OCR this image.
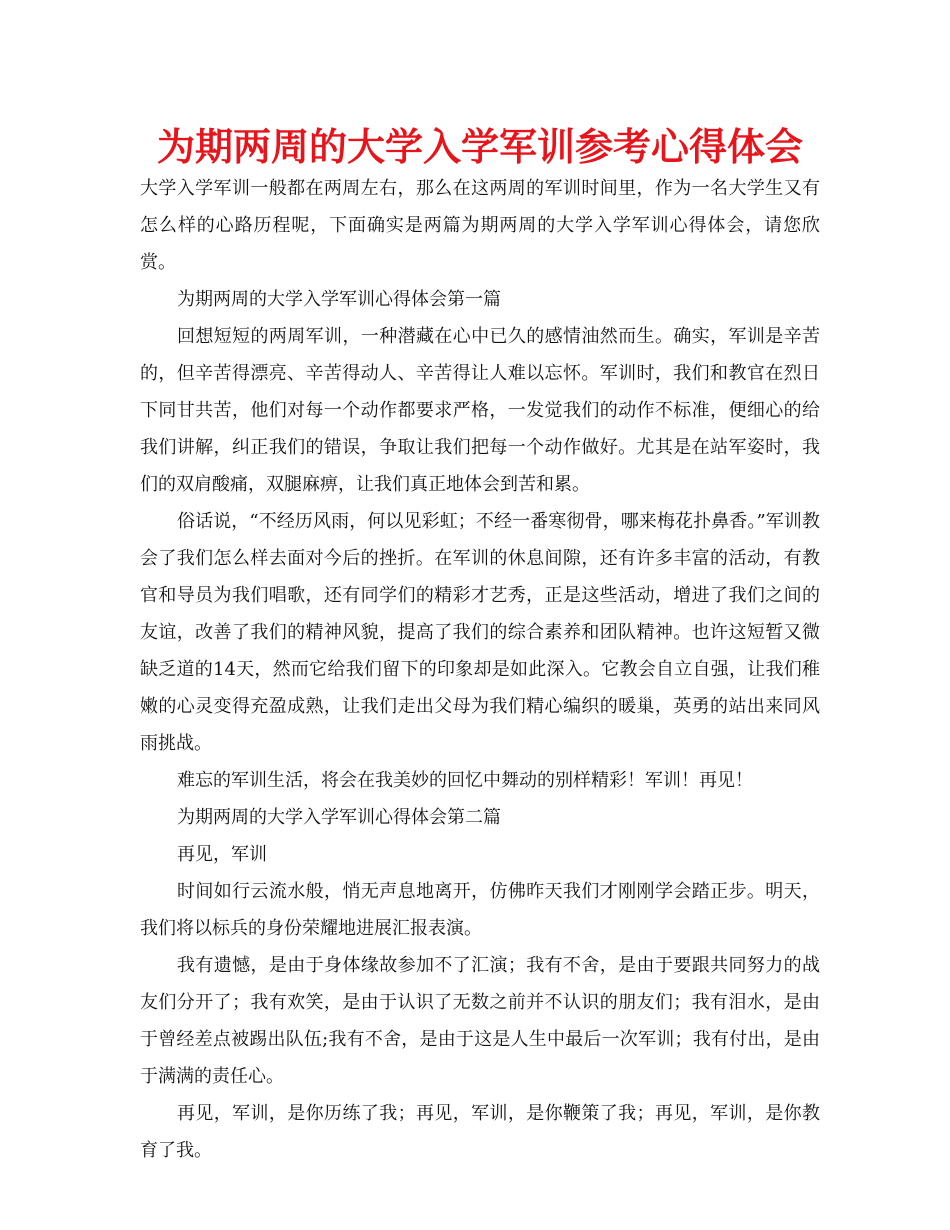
为期两周的大学入学军训参考心得体会

大学入学军训一般都在两周左右，那么在这两周的军训时间里，作为一名大学生又有怎么样的心路历程呢，下面确实是两篇为期两周的大学入学军训心得体会，请您欣赏。

为期两周的大学入学军训心得体会第一篇

回想短短的两周军训，一种潜藏在心中已久的感情油然而生。确实，军训是辛苦的，但辛苦得漂亮、辛苦得动人、辛苦得让人难以忘怀。军训时，我们和教官在烈日下同甘共苦，他们对每一个动作都要求严格，一发觉我们的动作不标准，便细心的给我们讲解，纠正我们的错误，争取让我们把每一个动作做好。尤其是在站军姿时，我们的双肩酸痛，双腿麻痹，让我们真正地体会到苦和累。

俗话说，“不经历风雨，何以见彩虹；不经一番寒彻骨，哪来梅花扑鼻香。”军训教会了我们怎么样去面对今后的挫折。在军训的休息间隙，还有许多丰富的活动，有教官和导员为我们唱歌，还有同学们的精彩才艺秀，正是这些活动，增进了我们之间的友谊，改善了我们的精神风貌，提高了我们的综合素养和团队精神。也许这短暂又微缺乏道的14天，然而它给我们留下的印象却是如此深入。它教会自立自强，让我们稚嫩的心灵变得充盈成熟，让我们走出父母为我们精心编织的暖巢，英勇的站出来同风雨挑战。

难忘的军训生活，将会在我美妙的回忆中舞动的别样精彩！军训！再见！

为期两周的大学入学军训心得体会第二篇

再见，军训

时间如行云流水般，悄无声息地离开，仿佛昨天我们才刚刚学会踏正步。明天，我们将以标兵的身份荣耀地进展汇报表演。

我有遗憾，是由于身体缘故参加不了汇演；我有不舍，是由于要跟共同努力的战友们分开了；我有欢笑，是由于认识了无数之前并不认识的朋友们；我有泪水，是由于曾经差点被踢出队伍;我有不舍，是由于这是人生中最后一次军训；我有付出，是由于满满的责任心。

再见，军训，是你历练了我；再见，军训，是你鞭策了我；再见，军训，是你教育了我。
